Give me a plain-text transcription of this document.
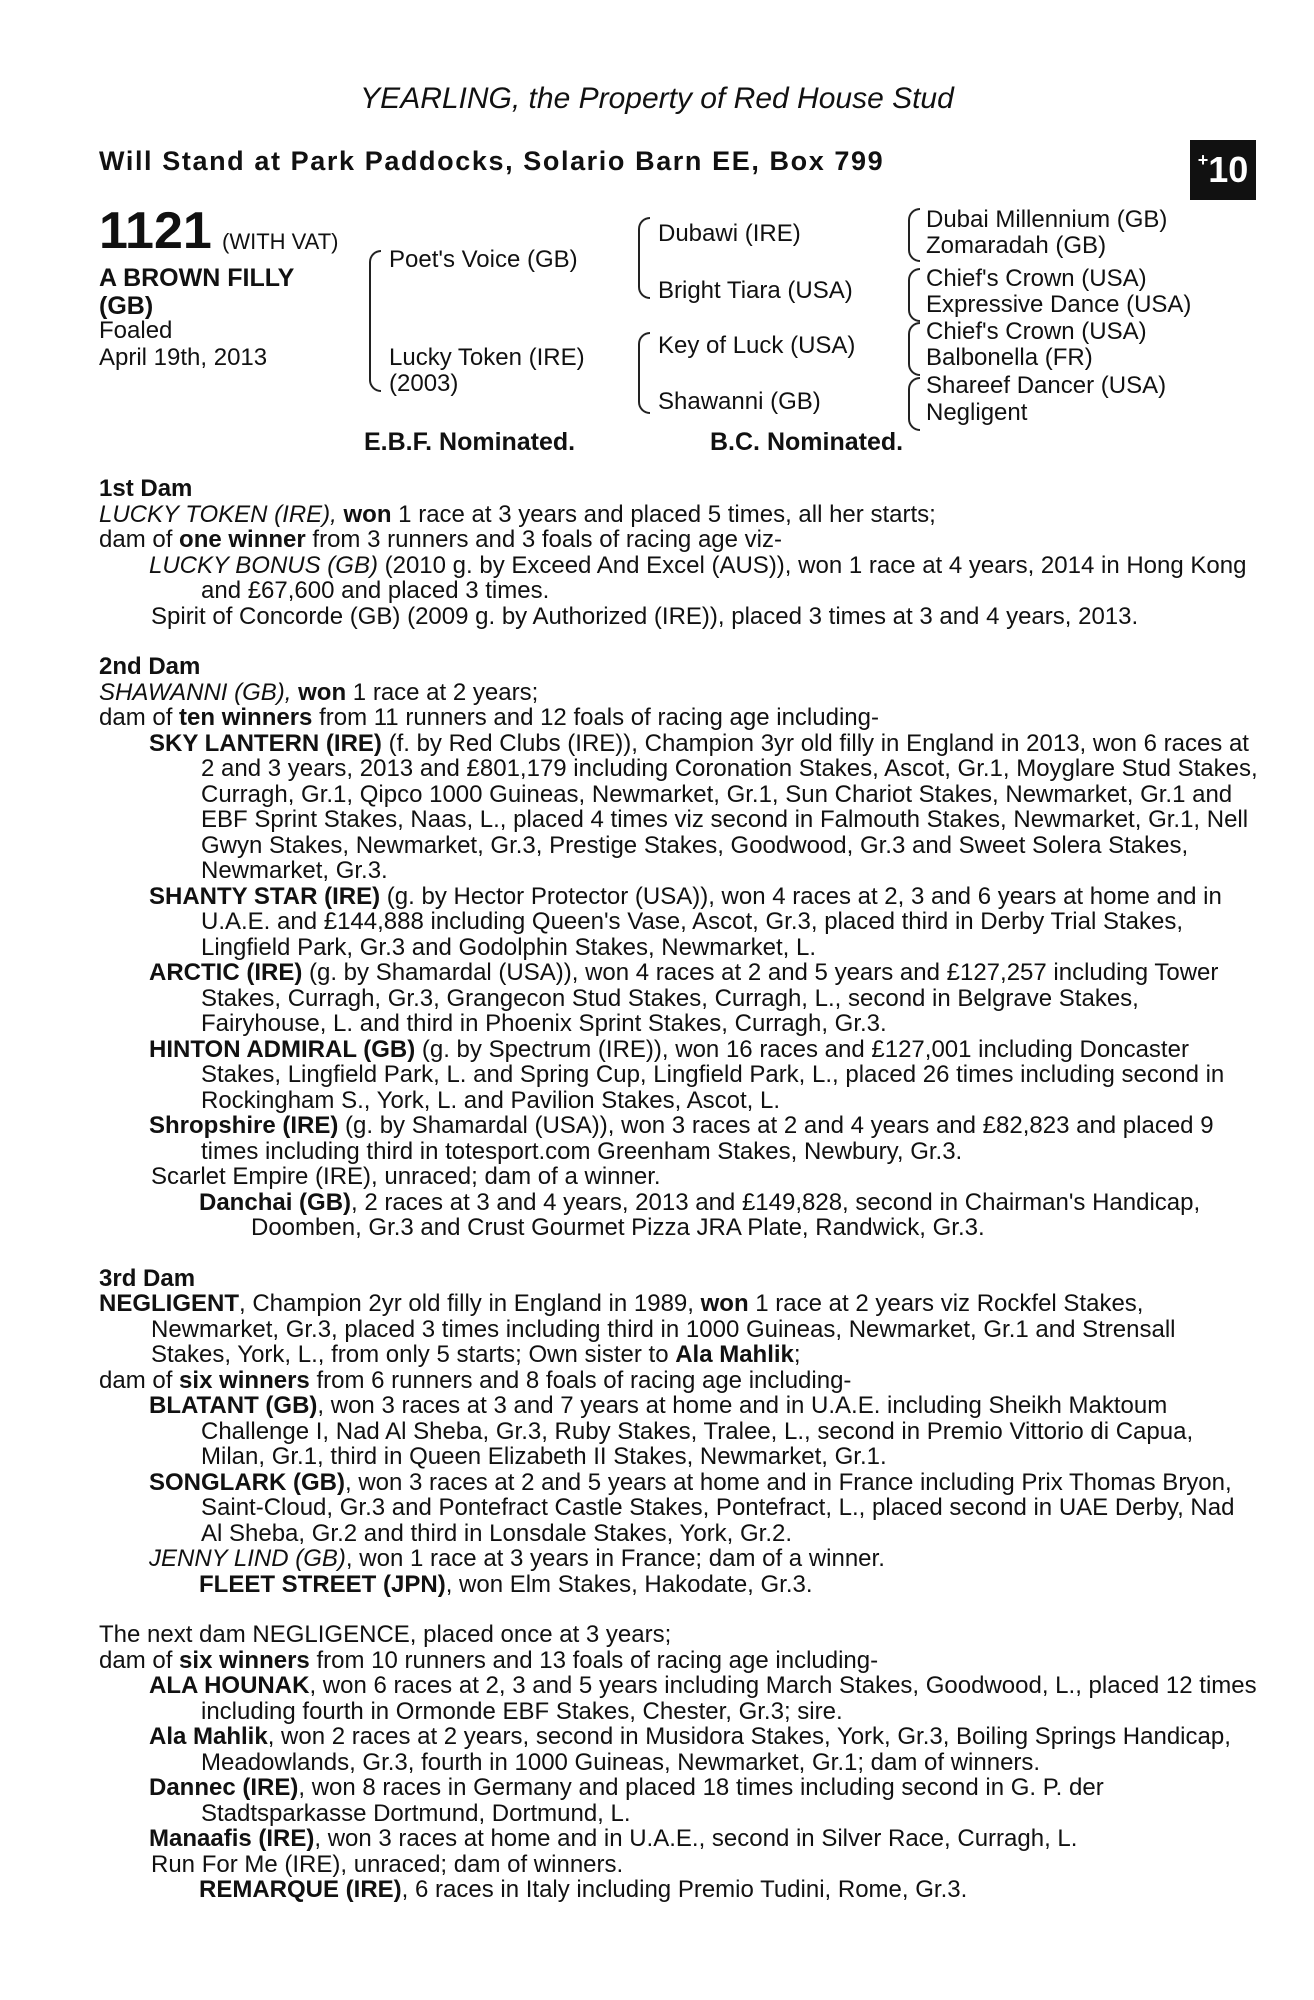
YEARLING, the Property of Red House Stud
Will Stand at Park Paddocks, Solario Barn EE, Box 799	+ 10
1121 (WITH VAT)
A BROWN FILLY
(GB)
Foaled
April 19th, 2013
Poet's Voice (GB)
Lucky Token (IRE)
(2003)
Dubawi (IRE)
Bright Tiara (USA)
Key of Luck (USA)
Shawanni (GB)
Dubai Millennium (GB)
Zomaradah (GB)
Chief's Crown (USA)
Expressive Dance (USA)
Chief's Crown (USA)
Balbonella (FR)
Shareef Dancer (USA)
Negligent
E.B.F. Nominated.	B.C. Nominated.

1st Dam

LUCKY TOKEN (IRE), won 1 race at 3 years and placed 5 times, all her starts;

dam of one winner from 3 runners and 3 foals of racing age viz-

LUCKY BONUS (GB) (2010 g. by Exceed And Excel (AUS)), won 1 race at 4 years, 2014 in Hong Kong and £67,600 and placed 3 times.

Spirit of Concorde (GB) (2009 g. by Authorized (IRE)), placed 3 times at 3 and 4 years, 2013.

2nd Dam

SHAWANNI (GB), won 1 race at 2 years;

dam of ten winners from 11 runners and 12 foals of racing age including-

SKY LANTERN (IRE) (f. by Red Clubs (IRE)), Champion 3yr old filly in England in 2013, won 6 races at 2 and 3 years, 2013 and £801,179 including Coronation Stakes, Ascot, Gr.1, Moyglare Stud Stakes, Curragh, Gr.1, Qipco 1000 Guineas, Newmarket, Gr.1, Sun Chariot Stakes, Newmarket, Gr.1 and EBF Sprint Stakes, Naas, L., placed 4 times viz second in Falmouth Stakes, Newmarket, Gr.1, Nell Gwyn Stakes, Newmarket, Gr.3, Prestige Stakes, Goodwood, Gr.3 and Sweet Solera Stakes, Newmarket, Gr.3.

SHANTY STAR (IRE) (g. by Hector Protector (USA)), won 4 races at 2, 3 and 6 years at home and in U.A.E. and £144,888 including Queen's Vase, Ascot, Gr.3, placed third in Derby Trial Stakes, Lingfield Park, Gr.3 and Godolphin Stakes, Newmarket, L.

ARCTIC (IRE) (g. by Shamardal (USA)), won 4 races at 2 and 5 years and £127,257 including Tower Stakes, Curragh, Gr.3, Grangecon Stud Stakes, Curragh, L., second in Belgrave Stakes, Fairyhouse, L. and third in Phoenix Sprint Stakes, Curragh, Gr.3.

HINTON ADMIRAL (GB) (g. by Spectrum (IRE)), won 16 races and £127,001 including Doncaster Stakes, Lingfield Park, L. and Spring Cup, Lingfield Park, L., placed 26 times including second in Rockingham S., York, L. and Pavilion Stakes, Ascot, L.

Shropshire (IRE) (g. by Shamardal (USA)), won 3 races at 2 and 4 years and £82,823 and placed 9 times including third in totesport.com Greenham Stakes, Newbury, Gr.3.

Scarlet Empire (IRE), unraced; dam of a winner.

Danchai (GB), 2 races at 3 and 4 years, 2013 and £149,828, second in Chairman's Handicap, Doomben, Gr.3 and Crust Gourmet Pizza JRA Plate, Randwick, Gr.3.

3rd Dam

NEGLIGENT, Champion 2yr old filly in England in 1989, won 1 race at 2 years viz Rockfel Stakes, Newmarket, Gr.3, placed 3 times including third in 1000 Guineas, Newmarket, Gr.1 and Strensall Stakes, York, L., from only 5 starts; Own sister to Ala Mahlik;

dam of six winners from 6 runners and 8 foals of racing age including-

BLATANT (GB), won 3 races at 3 and 7 years at home and in U.A.E. including Sheikh Maktoum Challenge I, Nad Al Sheba, Gr.3, Ruby Stakes, Tralee, L., second in Premio Vittorio di Capua, Milan, Gr.1, third in Queen Elizabeth II Stakes, Newmarket, Gr.1.

SONGLARK (GB), won 3 races at 2 and 5 years at home and in France including Prix Thomas Bryon, Saint-Cloud, Gr.3 and Pontefract Castle Stakes, Pontefract, L., placed second in UAE Derby, Nad Al Sheba, Gr.2 and third in Lonsdale Stakes, York, Gr.2.

JENNY LIND (GB), won 1 race at 3 years in France; dam of a winner.

FLEET STREET (JPN), won Elm Stakes, Hakodate, Gr.3.

The next dam NEGLIGENCE, placed once at 3 years;

dam of six winners from 10 runners and 13 foals of racing age including-

ALA HOUNAK, won 6 races at 2, 3 and 5 years including March Stakes, Goodwood, L., placed 12 times including fourth in Ormonde EBF Stakes, Chester, Gr.3; sire.

Ala Mahlik, won 2 races at 2 years, second in Musidora Stakes, York, Gr.3, Boiling Springs Handicap, Meadowlands, Gr.3, fourth in 1000 Guineas, Newmarket, Gr.1; dam of winners.

Dannec (IRE), won 8 races in Germany and placed 18 times including second in G. P. der Stadtsparkasse Dortmund, Dortmund, L.

Manaafis (IRE), won 3 races at home and in U.A.E., second in Silver Race, Curragh, L.

Run For Me (IRE), unraced; dam of winners.

REMARQUE (IRE), 6 races in Italy including Premio Tudini, Rome, Gr.3.
